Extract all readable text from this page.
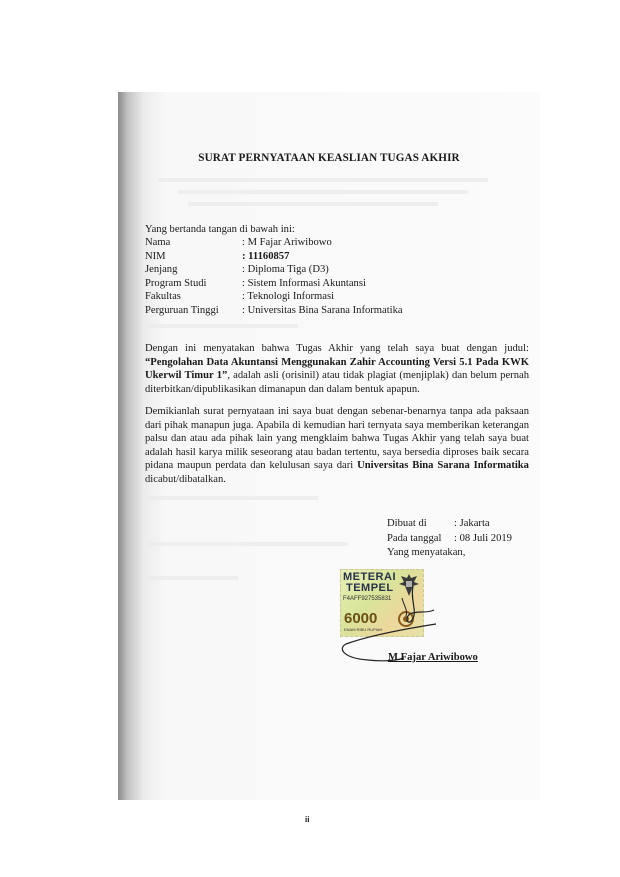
SURAT PERNYATAAN KEASLIAN TUGAS AKHIR
Yang bertanda tangan di bawah ini:
Nama	: M Fajar Ariwibowo
NIM	: 11160857
Jenjang	: Diploma Tiga (D3)
Program Studi	: Sistem Informasi Akuntansi
Fakultas	: Teknologi Informasi
Perguruan Tinggi	: Universitas Bina Sarana Informatika
Dengan ini menyatakan bahwa Tugas Akhir yang telah saya buat dengan judul: “Pengolahan Data Akuntansi Menggunakan Zahir Accounting Versi 5.1 Pada KWK Ukerwil Timur 1”, adalah asli (orisinil) atau tidak plagiat (menjiplak) dan belum pernah diterbitkan/dipublikasikan dimanapun dan dalam bentuk apapun.
Demikianlah surat pernyataan ini saya buat dengan sebenar-benarnya tanpa ada paksaan dari pihak manapun juga. Apabila di kemudian hari ternyata saya memberikan keterangan palsu dan atau ada pihak lain yang mengklaim bahwa Tugas Akhir yang telah saya buat adalah hasil karya milik seseorang atau badan tertentu, saya bersedia diproses baik secara pidana maupun perdata dan kelulusan saya dari Universitas Bina Sarana Informatika dicabut/dibatalkan.
Dibuat di	: Jakarta
Pada tanggal : 08 Juli 2019
Yang menyatakan,
METERAI
TEMPEL
F4AFF927535831
6000
ENAM RIBU RUPIAH
M Fajar Ariwibowo
ii
